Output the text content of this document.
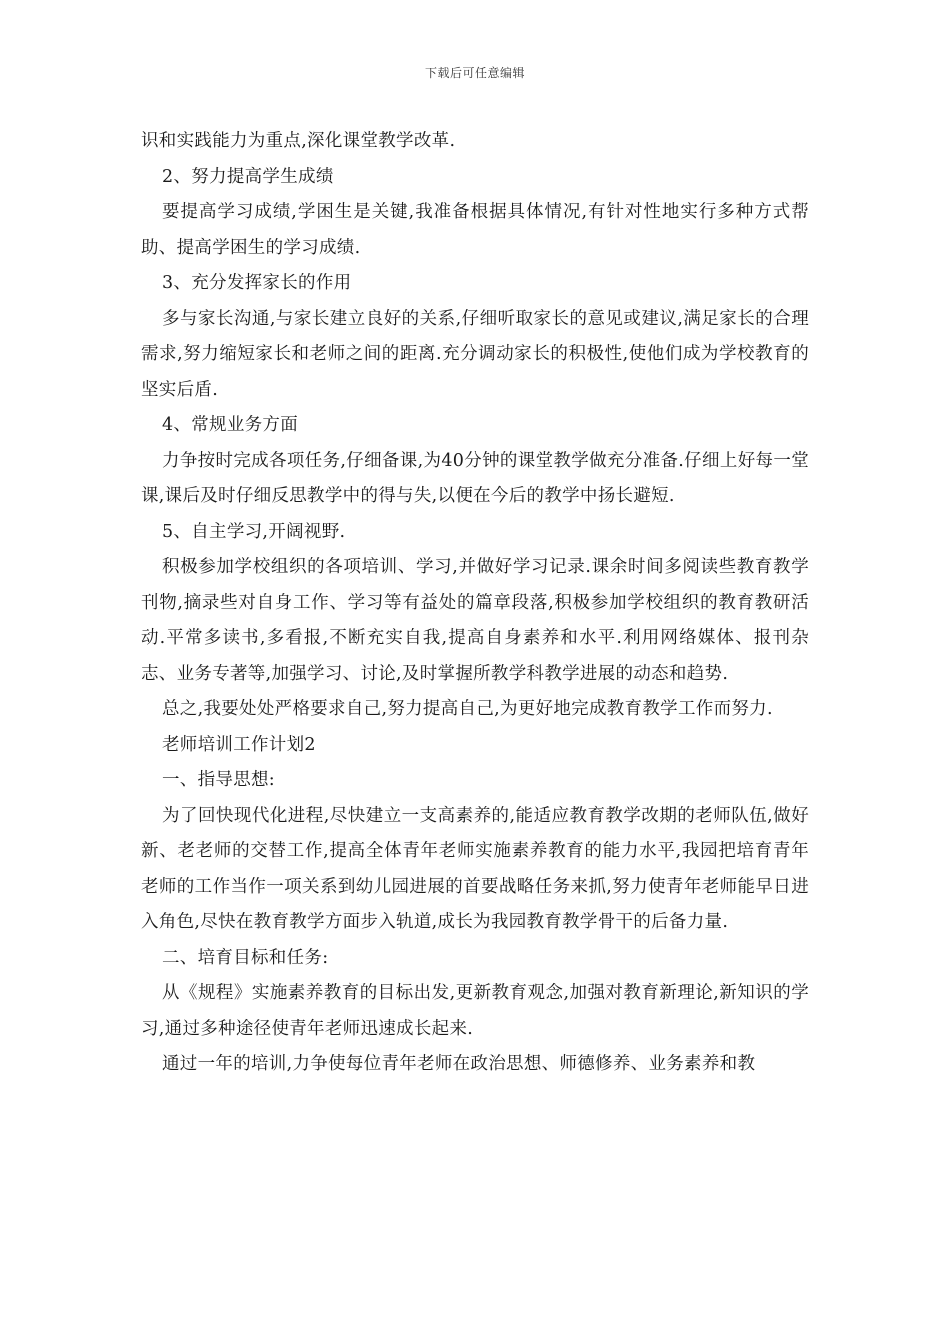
下载后可任意编辑

识和实践能力为重点,深化课堂教学改革.

2、努力提高学生成绩

要提高学习成绩,学困生是关键,我准备根据具体情况,有针对性地实行多种方式帮助、提高学困生的学习成绩.

3、充分发挥家长的作用

多与家长沟通,与家长建立良好的关系,仔细听取家长的意见或建议,满足家长的合理需求,努力缩短家长和老师之间的距离.充分调动家长的积极性,使他们成为学校教育的坚实后盾.

4、常规业务方面

力争按时完成各项任务,仔细备课,为40分钟的课堂教学做充分准备.仔细上好每一堂课,课后及时仔细反思教学中的得与失,以便在今后的教学中扬长避短.

5、自主学习,开阔视野.

积极参加学校组织的各项培训、学习,并做好学习记录.课余时间多阅读些教育教学刊物,摘录些对自身工作、学习等有益处的篇章段落,积极参加学校组织的教育教研活动.平常多读书,多看报,不断充实自我,提高自身素养和水平.利用网络媒体、报刊杂志、业务专著等,加强学习、讨论,及时掌握所教学科教学进展的动态和趋势.

总之,我要处处严格要求自己,努力提高自己,为更好地完成教育教学工作而努力.

老师培训工作计划2

一、指导思想:

为了回快现代化进程,尽快建立一支高素养的,能适应教育教学改期的老师队伍,做好新、老老师的交替工作,提高全体青年老师实施素养教育的能力水平,我园把培育青年老师的工作当作一项关系到幼儿园进展的首要战略任务来抓,努力使青年老师能早日进入角色,尽快在教育教学方面步入轨道,成长为我园教育教学骨干的后备力量.

二、培育目标和任务:

从《规程》实施素养教育的目标出发,更新教育观念,加强对教育新理论,新知识的学习,通过多种途径使青年老师迅速成长起来.

通过一年的培训,力争使每位青年老师在政治思想、师德修养、业务素养和教
